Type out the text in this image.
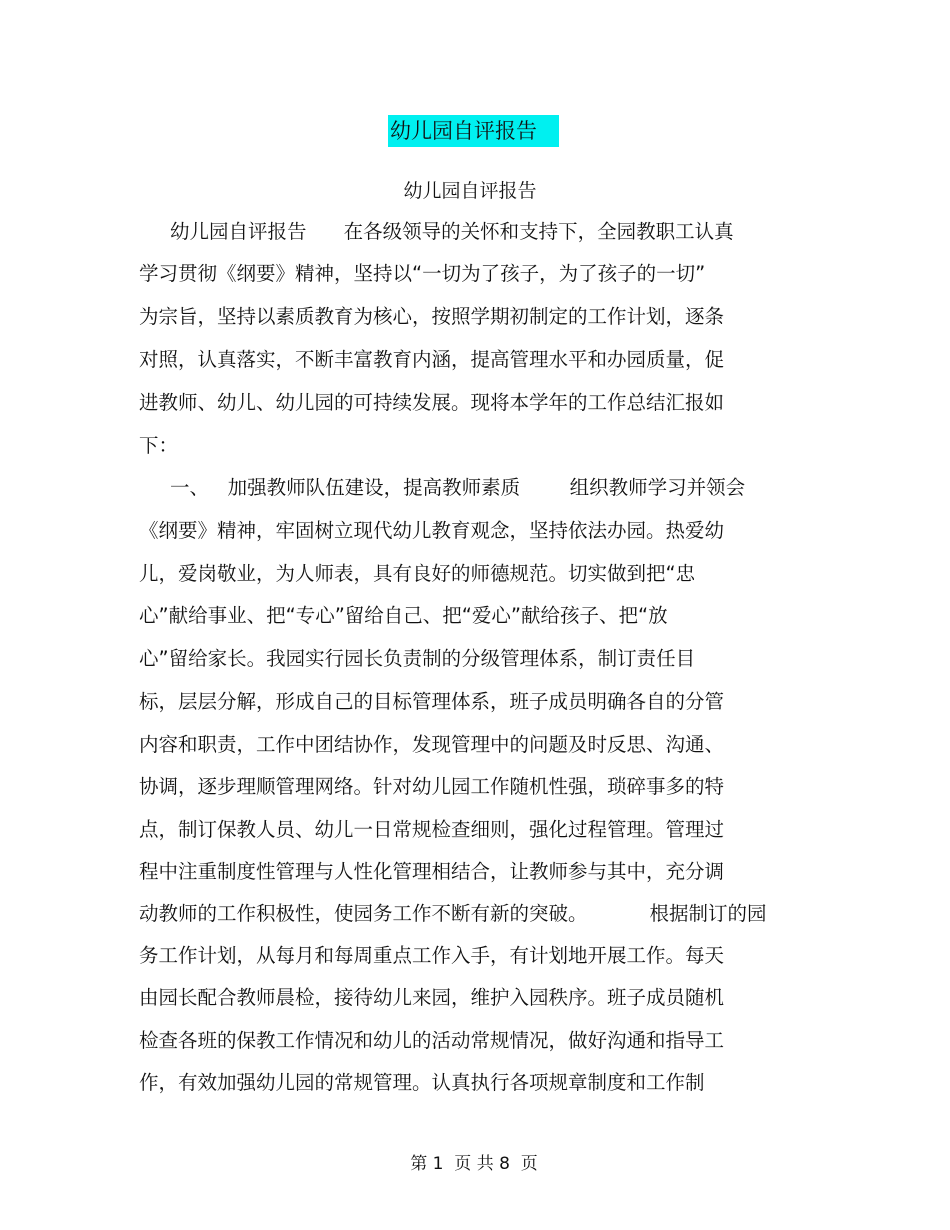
幼儿园自评报告
幼儿园自评报告
幼儿园自评报告      在各级领导的关怀和支持下，全园教职工认真
学习贯彻《纲要》精神，坚持以“一切为了孩子，为了孩子的一切”
为宗旨，坚持以素质教育为核心，按照学期初制定的工作计划，逐条
对照，认真落实，不断丰富教育内涵，提高管理水平和办园质量，促
进教师、幼儿、幼儿园的可持续发展。现将本学年的工作总结汇报如
下：
一、   加强教师队伍建设，提高教师素质        组织教师学习并领会
《纲要》精神，牢固树立现代幼儿教育观念，坚持依法办园。热爱幼
儿，爱岗敬业，为人师表，具有良好的师德规范。切实做到把“忠
心”献给事业、把“专心”留给自己、把“爱心”献给孩子、把“放
心”留给家长。我园实行园长负责制的分级管理体系，制订责任目
标，层层分解，形成自己的目标管理体系，班子成员明确各自的分管
内容和职责，工作中团结协作，发现管理中的问题及时反思、沟通、
协调，逐步理顺管理网络。针对幼儿园工作随机性强，琐碎事多的特
点，制订保教人员、幼儿一日常规检查细则，强化过程管理。管理过
程中注重制度性管理与人性化管理相结合，让教师参与其中，充分调
动教师的工作积极性，使园务工作不断有新的突破。          根据制订的园
务工作计划，从每月和每周重点工作入手，有计划地开展工作。每天
由园长配合教师晨检，接待幼儿来园，维护入园秩序。班子成员随机
检查各班的保教工作情况和幼儿的活动常规情况，做好沟通和指导工
作，有效加强幼儿园的常规管理。认真执行各项规章制度和工作制
第 1  页 共 8  页
